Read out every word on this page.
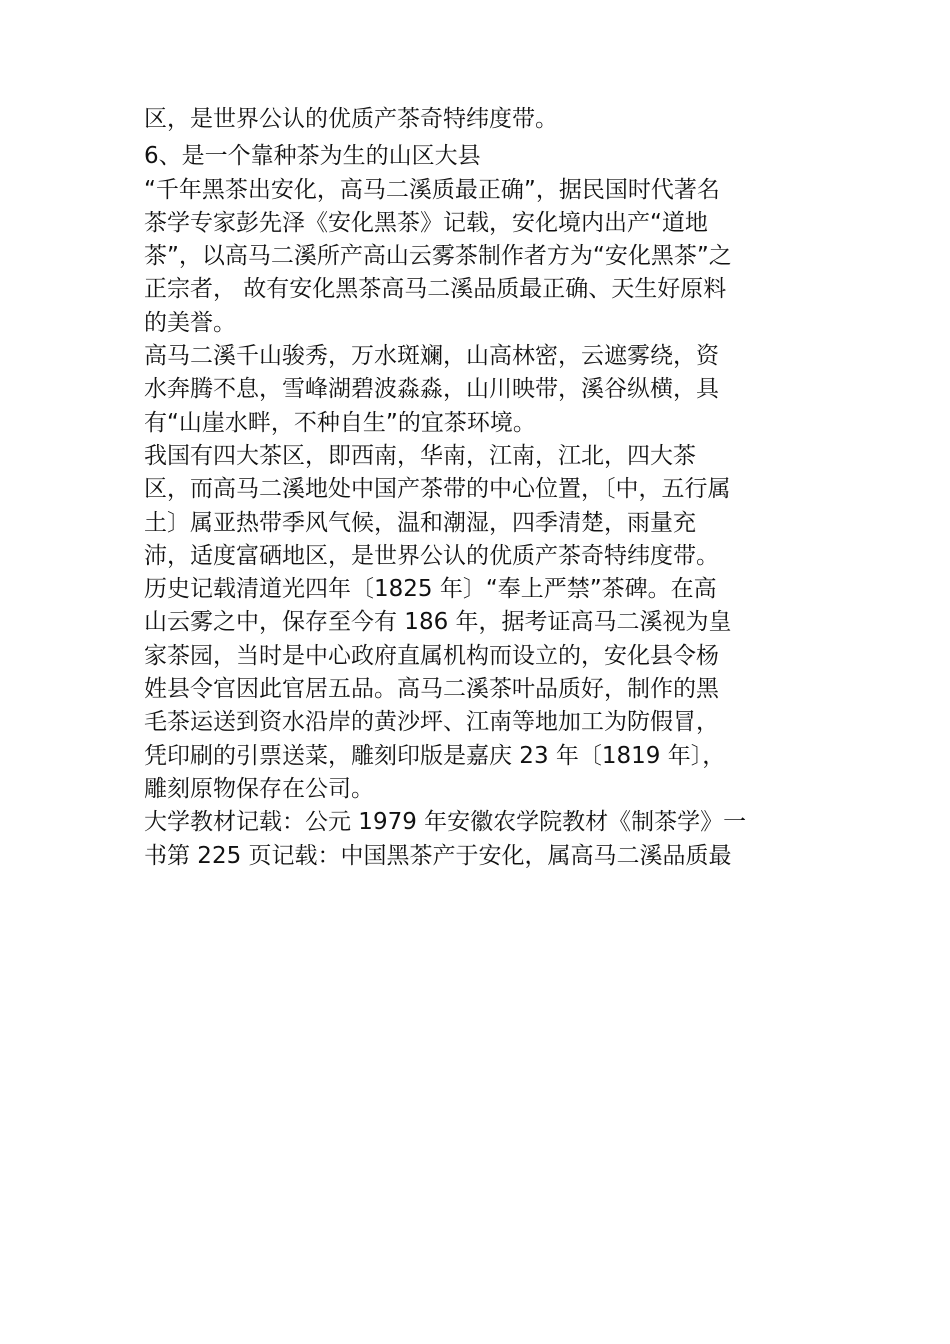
区，是世界公认的优质产茶奇特纬度带。
6、是一个靠种茶为生的山区大县
“千年黑茶出安化，高马二溪质最正确”，据民国时代著名
茶学专家彭先泽《安化黑茶》记载，安化境内出产“道地
茶”，以高马二溪所产高山云雾茶制作者方为“安化黑茶”之
正宗者， 故有安化黑茶高马二溪品质最正确、天生好原料
的美誉。
高马二溪千山骏秀，万水斑斓，山高林密，云遮雾绕，资
水奔腾不息，雪峰湖碧波淼淼，山川映带，溪谷纵横，具
有“山崖水畔，不种自生”的宜茶环境。
我国有四大茶区，即西南，华南，江南，江北，四大茶
区，而高马二溪地处中国产茶带的中心位置，〔中，五行属
土〕属亚热带季风气候，温和潮湿，四季清楚，雨量充
沛，适度富硒地区，是世界公认的优质产茶奇特纬度带。
历史记载清道光四年〔1825 年〕“奉上严禁”茶碑。在高
山云雾之中，保存至今有 186 年，据考证高马二溪视为皇
家茶园，当时是中心政府直属机构而设立的，安化县令杨
姓县令官因此官居五品。高马二溪茶叶品质好，制作的黑
毛茶运送到资水沿岸的黄沙坪、江南等地加工为防假冒，
凭印刷的引票送菜，雕刻印版是嘉庆 23 年〔1819 年〕，
雕刻原物保存在公司。
大学教材记载：公元 1979 年安徽农学院教材《制茶学》一
书第 225 页记载：中国黑茶产于安化，属高马二溪品质最
